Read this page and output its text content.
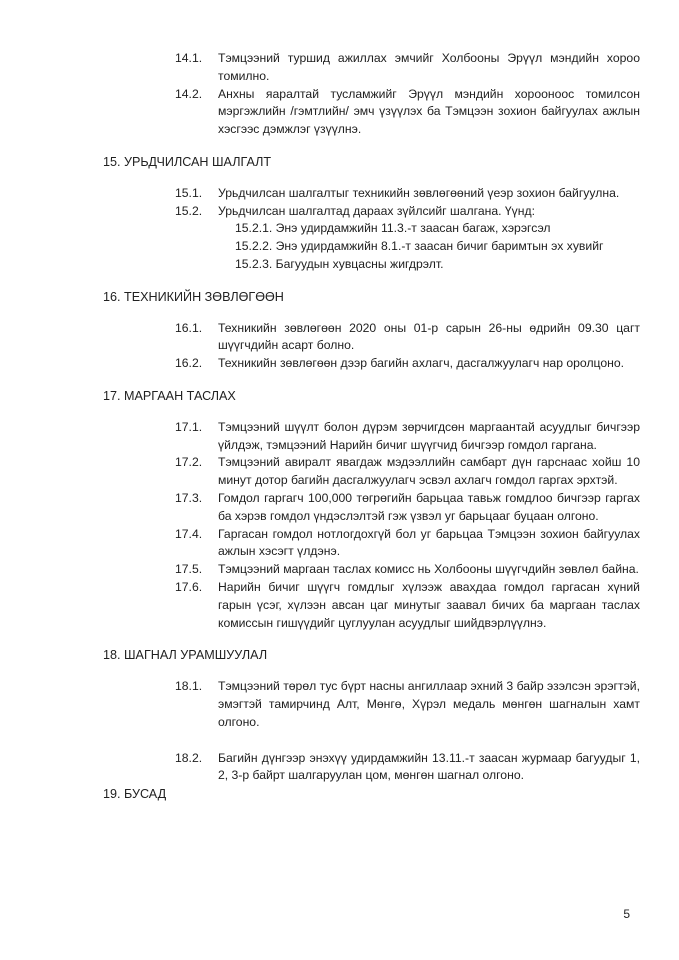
14.1.	Тэмцээний туршид ажиллах эмчийг Холбооны Эрүүл мэндийн хороо томилно.
14.2.	Анхны яаралтай тусламжийг Эрүүл мэндийн хорооноос томилсон мэргэжлийн /гэмтлийн/ эмч үзүүлэх ба Тэмцээн зохион байгуулах ажлын хэсгээс дэмжлэг үзүүлнэ.
15. УРЬДЧИЛСАН ШАЛГАЛТ
15.1.	Урьдчилсан шалгалтыг техникийн зөвлөгөөний үеэр зохион байгуулна.
15.2.	Урьдчилсан шалгалтад дараах зүйлсийг шалгана. Үүнд:
15.2.1. Энэ удирдамжийн 11.3.-т заасан багаж, хэрэгсэл
15.2.2. Энэ удирдамжийн 8.1.-т заасан бичиг баримтын эх хувийг
15.2.3. Багуудын хувцасны жигдрэлт.
16. ТЕХНИКИЙН ЗӨВЛӨГӨӨН
16.1.	Техникийн зөвлөгөөн 2020 оны 01-р сарын 26-ны өдрийн 09.30 цагт шүүгчдийн асарт болно.
16.2.	Техникийн зөвлөгөөн дээр багийн ахлагч, дасгалжуулагч нар оролцоно.
17. МАРГААН ТАСЛАХ
17.1.	Тэмцээний шүүлт болон дүрэм зөрчигдсөн маргаантай асуудлыг бичгээр үйлдэж, тэмцээний Нарийн бичиг шүүгчид бичгээр гомдол гаргана.
17.2.	Тэмцээний авиралт явагдаж мэдээллийн самбарт дүн гарснаас хойш 10 минут дотор багийн дасгалжуулагч эсвэл ахлагч гомдол гаргах эрхтэй.
17.3.	Гомдол гаргагч 100,000 төгрөгийн барьцаа тавьж гомдлоо бичгээр гаргах ба хэрэв гомдол үндэслэлтэй гэж үзвэл уг барьцааг буцаан олгоно.
17.4.	Гаргасан гомдол нотлогдохгүй бол уг барьцаа Тэмцээн зохион байгуулах ажлын хэсэгт үлдэнэ.
17.5.	Тэмцээний маргаан таслах комисс нь Холбооны шүүгчдийн зөвлөл байна.
17.6.	Нарийн бичиг шүүгч гомдлыг хүлээж авахдаа гомдол гаргасан хүний гарын үсэг, хүлээн авсан цаг минутыг заавал бичих ба маргаан таслах комиссын гишүүдийг цуглуулан асуудлыг шийдвэрлүүлнэ.
18. ШАГНАЛ УРАМШУУЛАЛ
18.1.	Тэмцээний төрөл тус бүрт насны ангиллаар эхний 3 байр эзэлсэн эрэгтэй, эмэгтэй тамирчинд Алт, Мөнгө, Хүрэл медаль мөнгөн шагналын хамт олгоно.
18.2.	Багийн дүнгээр энэхүү удирдамжийн 13.11.-т заасан журмаар багуудыг 1, 2, 3-р байрт шалгаруулан цом, мөнгөн шагнал олгоно.
19. БУСАД
5
